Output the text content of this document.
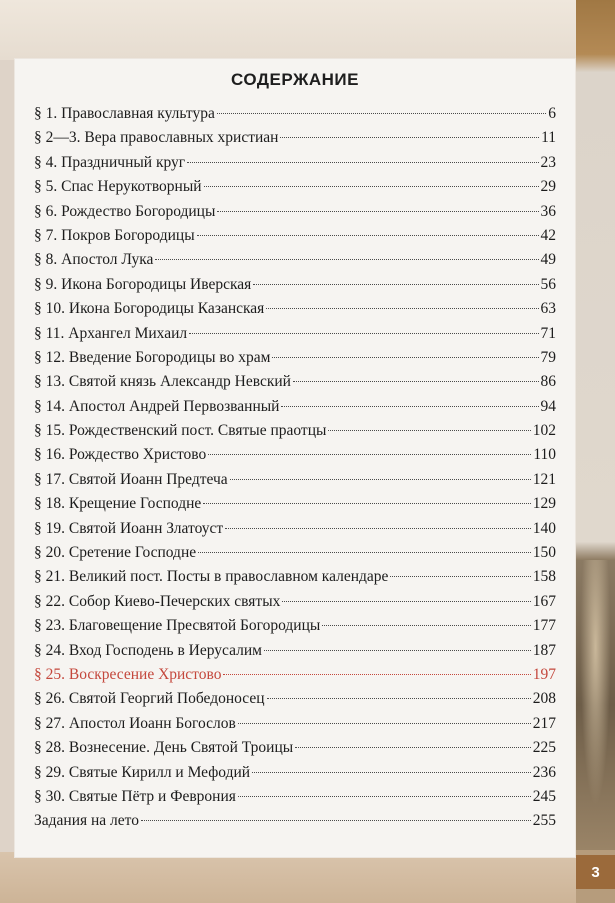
СОДЕРЖАНИЕ
§ 1. Православная культура	6
§ 2—3. Вера православных христиан	11
§ 4. Праздничный круг	23
§ 5. Спас Нерукотворный	29
§ 6. Рождество Богородицы	36
§ 7. Покров Богородицы	42
§ 8. Апостол Лука	49
§ 9. Икона Богородицы Иверская	56
§ 10. Икона Богородицы Казанская	63
§ 11. Архангел Михаил	71
§ 12. Введение Богородицы во храм	79
§ 13. Святой князь Александр Невский	86
§ 14. Апостол Андрей Первозванный	94
§ 15. Рождественский пост. Святые праотцы	102
§ 16. Рождество Христово	110
§ 17. Святой Иоанн Предтеча	121
§ 18. Крещение Господне	129
§ 19. Святой Иоанн Златоуст	140
§ 20. Сретение Господне	150
§ 21. Великий пост. Посты в православном календаре	158
§ 22. Собор Киево-Печерских святых	167
§ 23. Благовещение Пресвятой Богородицы	177
§ 24. Вход Господень в Иерусалим	187
§ 25. Воскресение Христово	197
§ 26. Святой Георгий Победоносец	208
§ 27. Апостол Иоанн Богослов	217
§ 28. Вознесение. День Святой Троицы	225
§ 29. Святые Кирилл и Мефодий	236
§ 30. Святые Пётр и Феврония	245
Задания на лето	255
3
